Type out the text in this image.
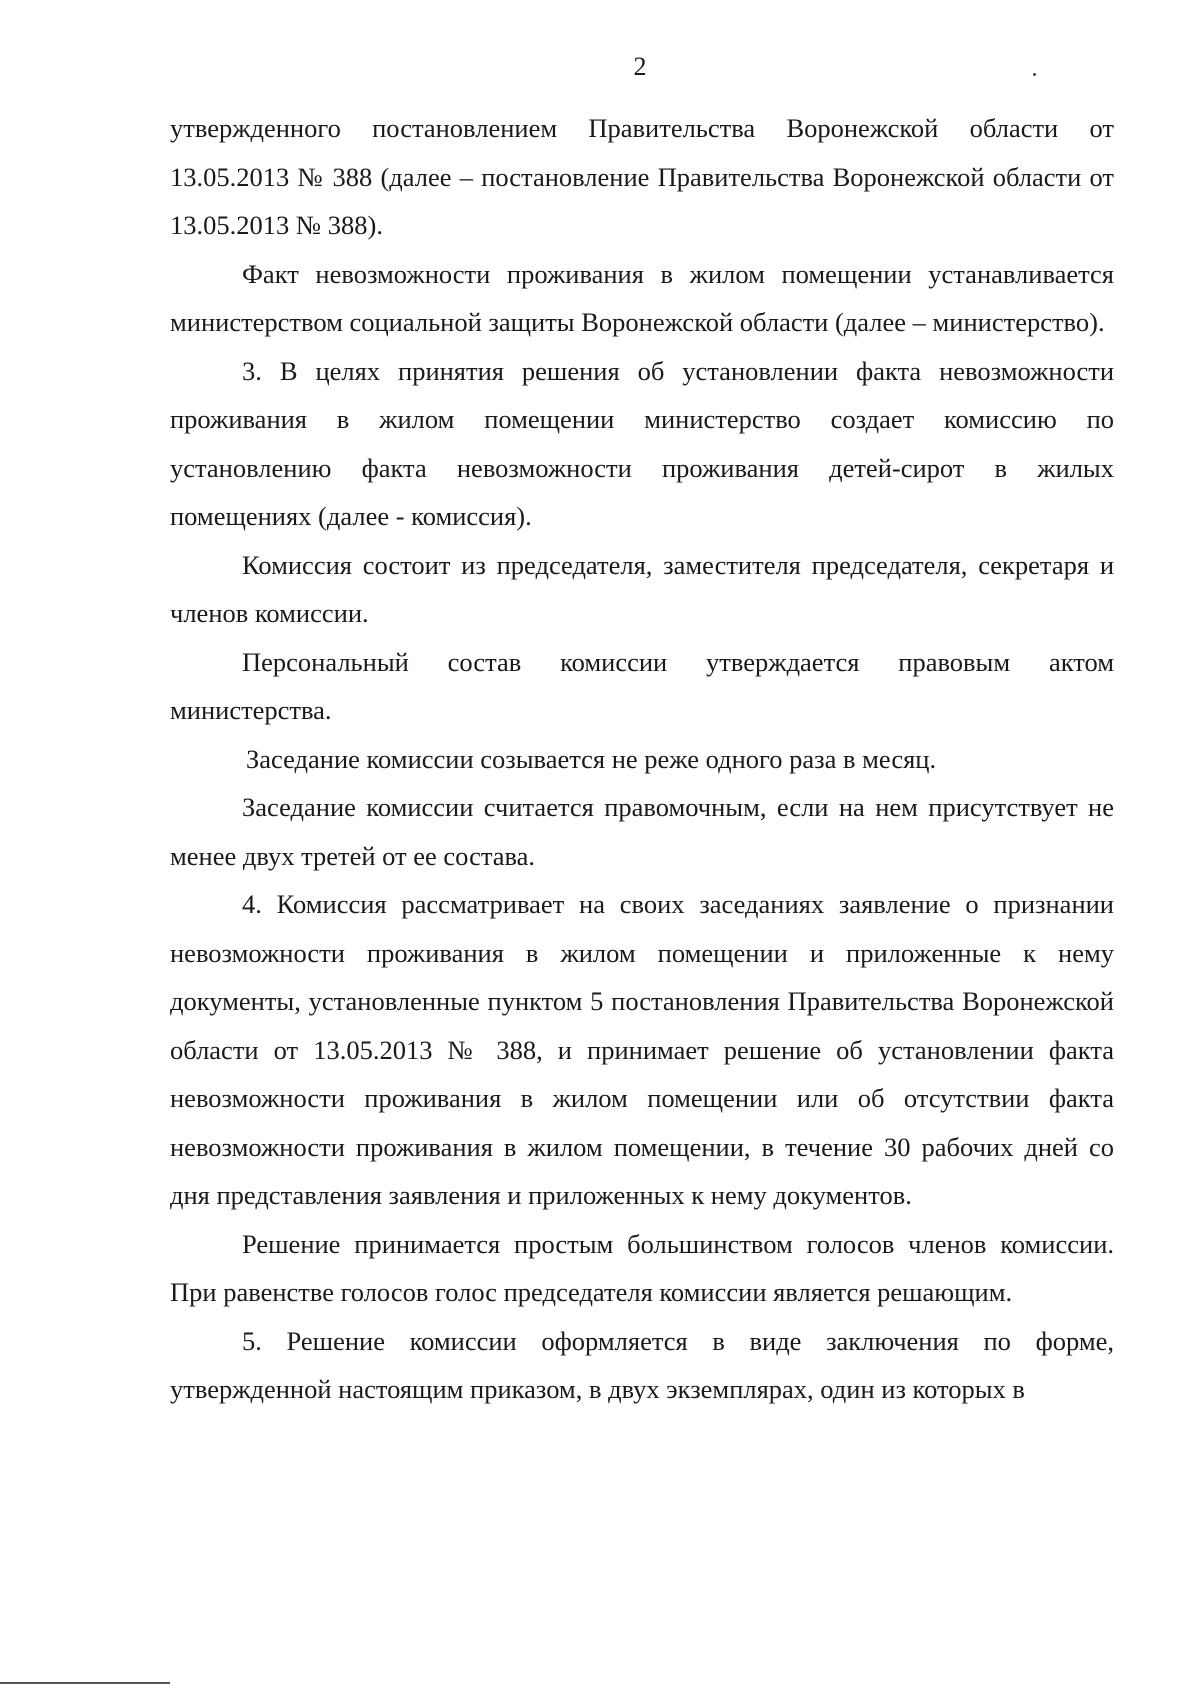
2

утвержденного постановлением Правительства Воронежской области от 13.05.2013 № 388 (далее – постановление Правительства Воронежской области от 13.05.2013 № 388).

Факт невозможности проживания в жилом помещении устанавливается министерством социальной защиты Воронежской области (далее – министерство).

3. В целях принятия решения об установлении факта невозможности проживания в жилом помещении министерство создает комиссию по установлению факта невозможности проживания детей-сирот в жилых помещениях (далее - комиссия).

Комиссия состоит из председателя, заместителя председателя, секретаря и членов комиссии.

Персональный состав комиссии утверждается правовым актом министерства.

Заседание комиссии созывается не реже одного раза в месяц.

Заседание комиссии считается правомочным, если на нем присутствует не менее двух третей от ее состава.

4. Комиссия рассматривает на своих заседаниях заявление о признании невозможности проживания в жилом помещении и приложенные к нему документы, установленные пунктом 5 постановления Правительства Воронежской области от 13.05.2013 № 388, и принимает решение об установлении факта невозможности проживания в жилом помещении или об отсутствии факта невозможности проживания в жилом помещении, в течение 30 рабочих дней со дня представления заявления и приложенных к нему документов.

Решение принимается простым большинством голосов членов комиссии. При равенстве голосов голос председателя комиссии является решающим.

5. Решение комиссии оформляется в виде заключения по форме, утвержденной настоящим приказом, в двух экземплярах, один из которых в
